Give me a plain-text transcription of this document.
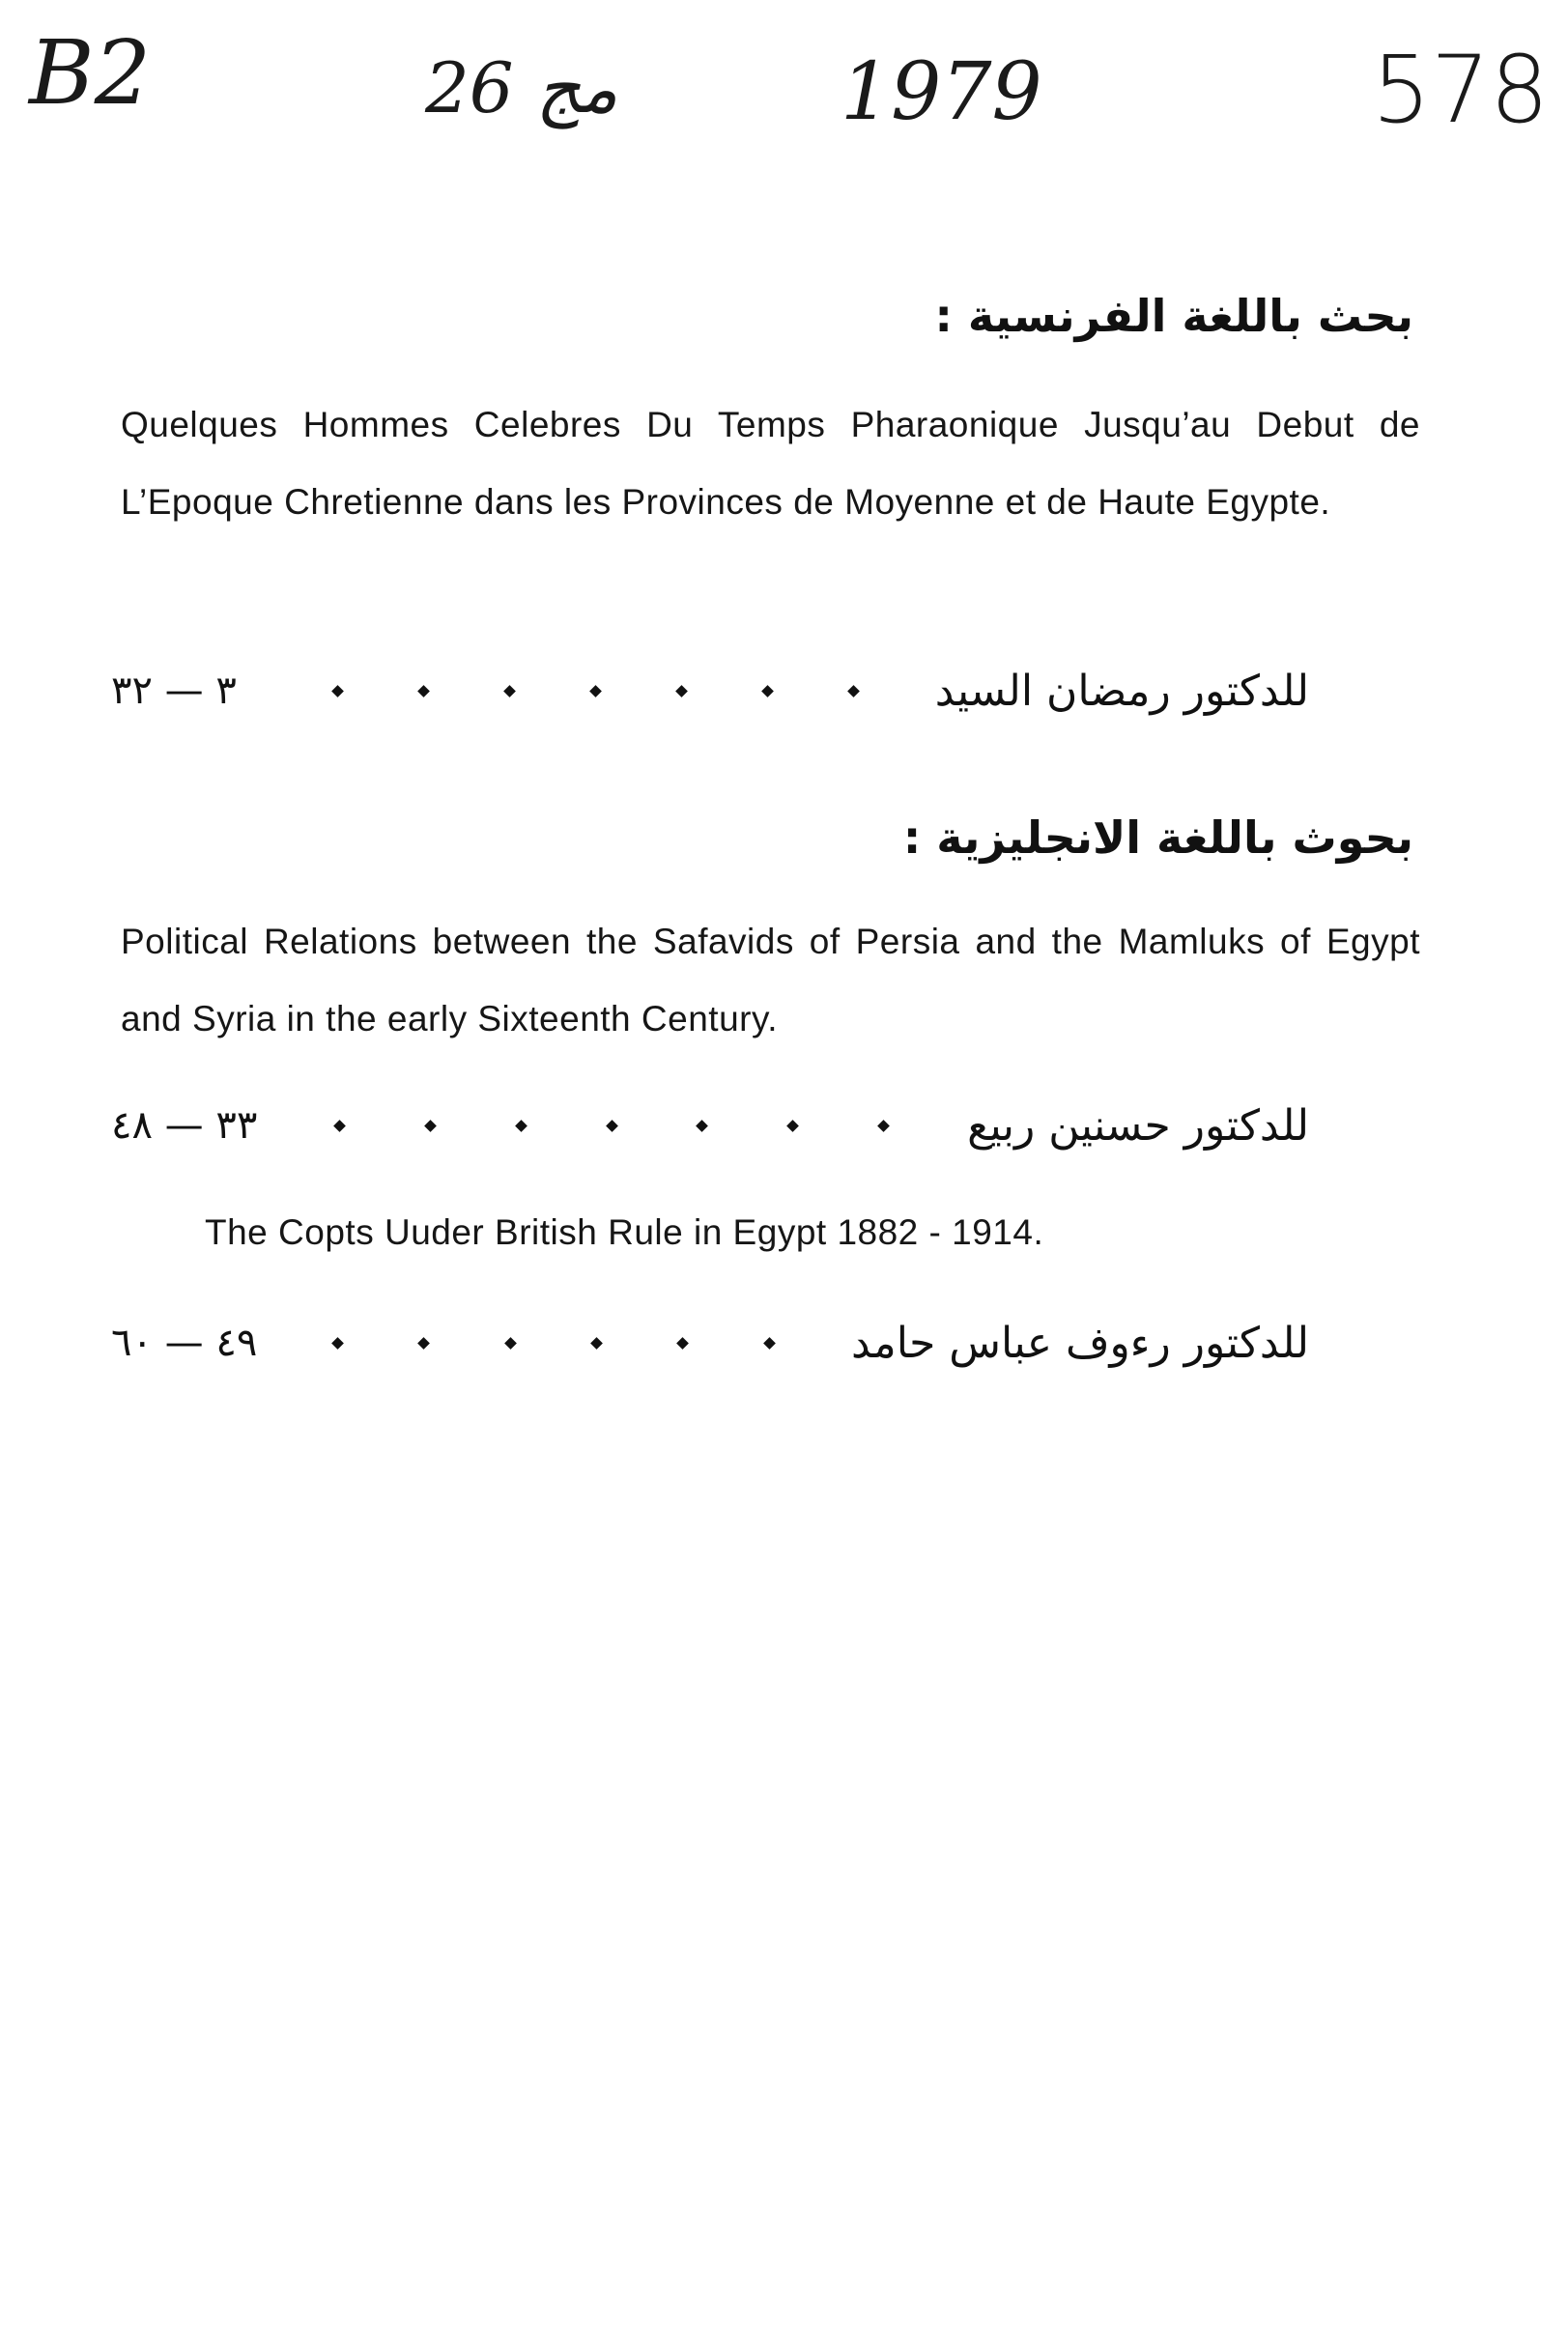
B2	26 مج	1979	578
بحث باللغة الفرنسية :
Quelques Hommes Celebres Du Temps Pharaonique Jusqu’au Debut de L’Epoque Chretienne dans les Provinces de Moyenne et de Haute Egypte.
٣ — ٣٢	للدكتور رمضان السيد
بحوث باللغة الانجليزية :
Political Relations between the Safavids of Persia and the Mamluks of Egypt and Syria in the early Sixteenth Century.
٣٣ — ٤٨	للدكتور حسنين ربيع
The Copts Uuder British Rule in Egypt 1882 - 1914.
٤٩ — ٦٠	للدكتور رءوف عباس حامد
